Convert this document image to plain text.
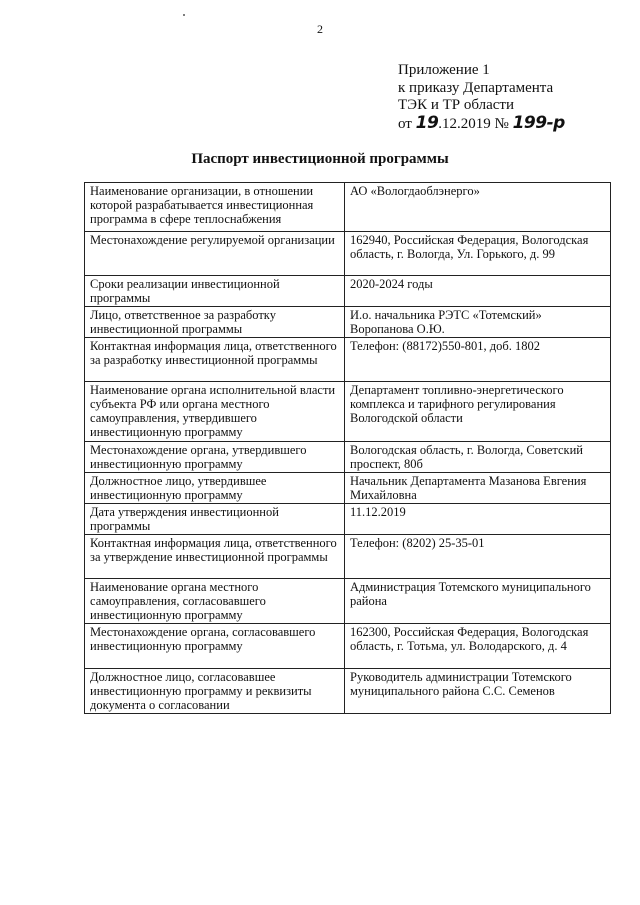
2
Приложение 1
к приказу Департамента
ТЭК и ТР области
от 19.12.2019 № 199-р
Паспорт инвестиционной программы
Наименование организации, в отношении которой разрабатывается инвестиционная программа в сфере теплоснабжения	АО «Вологдаоблэнерго»
Местонахождение регулируемой организации	162940, Российская Федерация, Вологодская область, г. Вологда, Ул. Горького, д. 99
Сроки реализации инвестиционной программы	2020-2024 годы
Лицо, ответственное за разработку инвестиционной программы	И.о. начальника РЭТС «Тотемский» Воропанова О.Ю.
Контактная информация лица, ответственного за разработку инвестиционной программы	Телефон: (88172)550-801, доб. 1802
Наименование органа исполнительной власти субъекта РФ или органа местного самоуправления, утвердившего инвестиционную программу	Департамент топливно-энергетического комплекса и тарифного регулирования Вологодской области
Местонахождение органа, утвердившего инвестиционную программу	Вологодская область, г. Вологда, Советский проспект, 80б
Должностное лицо, утвердившее инвестиционную программу	Начальник Департамента Мазанова Евгения Михайловна
Дата утверждения инвестиционной программы	11.12.2019
Контактная информация лица, ответственного за утверждение инвестиционной программы	Телефон: (8202) 25-35-01
Наименование органа местного самоуправления, согласовавшего инвестиционную программу	Администрация Тотемского муниципального района
Местонахождение органа, согласовавшего инвестиционную программу	162300, Российская Федерация, Вологодская область, г. Тотьма, ул. Володарского, д. 4
Должностное лицо, согласовавшее инвестиционную программу и реквизиты документа о согласовании	Руководитель администрации Тотемского муниципального района С.С. Семенов
